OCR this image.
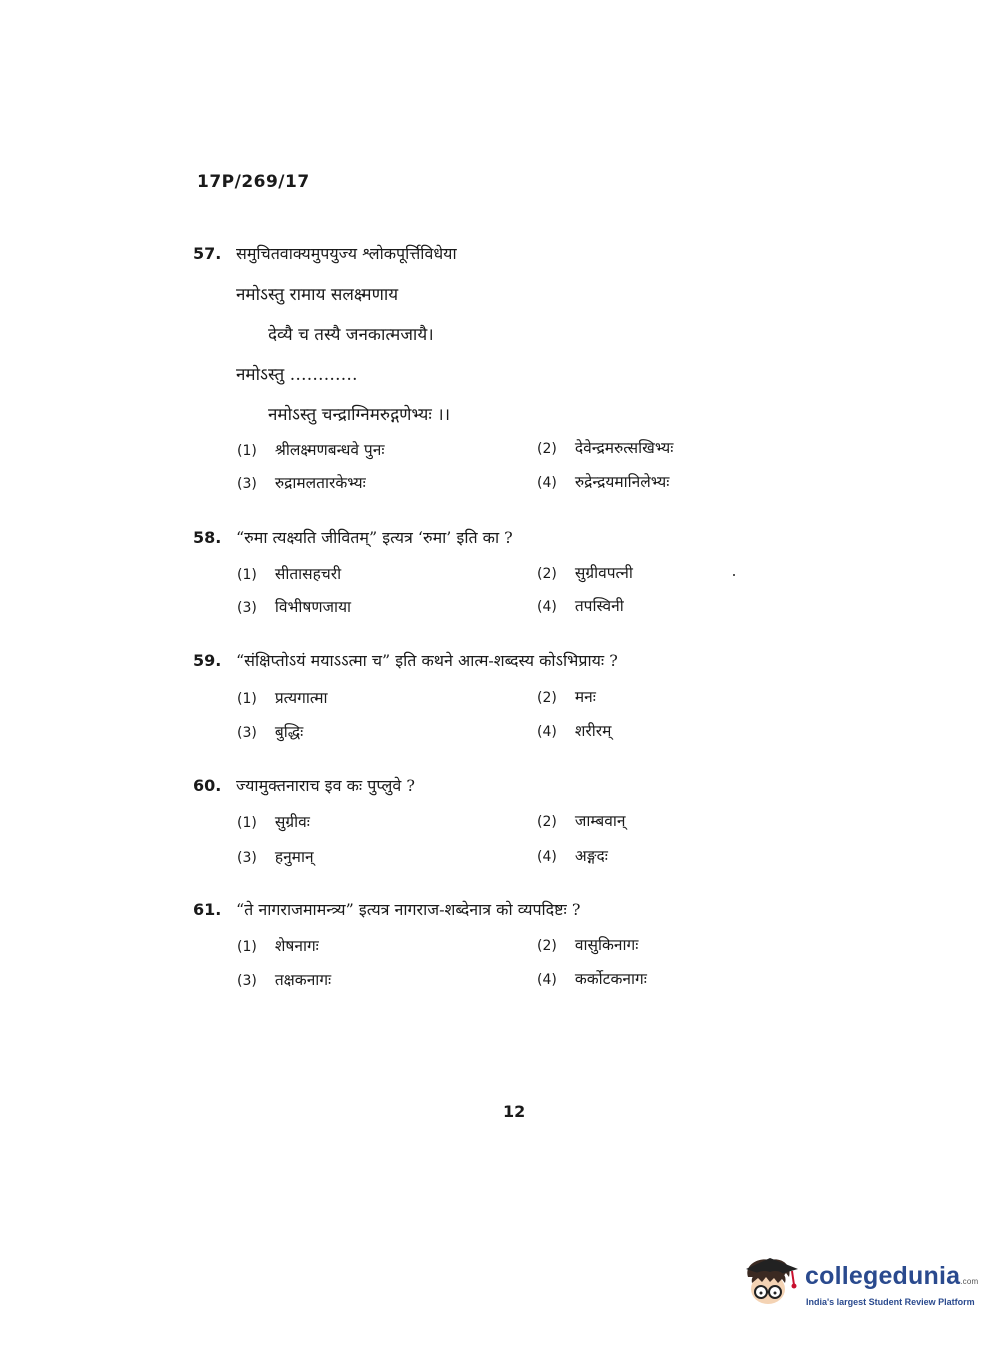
17P/269/17
57. समुचितवाक्यमुपयुज्य श्लोकपूर्त्तिविधेया
नमोऽस्तु रामाय सलक्ष्मणाय
देव्यै च तस्यै जनकात्मजायै।
नमोऽस्तु …………
नमोऽस्तु चन्द्राग्निमरुद्गणेभ्यः ।।
(1) श्रीलक्ष्मणबन्धवे पुनः	(2) देवेन्द्रमरुत्सखिभ्यः
(3) रुद्रामलतारकेभ्यः	(4) रुद्रेन्द्रयमानिलेभ्यः
58. “रुमा त्यक्ष्यति जीवितम्” इत्यत्र ‘रुमा’ इति का ?
(1) सीतासहचरी	(2) सुग्रीवपत्नी
(3) विभीषणजाया	(4) तपस्विनी
59. “संक्षिप्तोऽयं मयाऽऽत्मा च” इति कथने आत्म-शब्दस्य कोऽभिप्रायः ?
(1) प्रत्यगात्मा	(2) मनः
(3) बुद्धिः	(4) शरीरम्
60. ज्यामुक्तनाराच इव कः पुप्लुवे ?
(1) सुग्रीवः	(2) जाम्बवान्
(3) हनुमान्	(4) अङ्गदः
61. “ते नागराजमामन्त्र्य” इत्यत्र नागराज-शब्देनात्र को व्यपदिष्टः ?
(1) शेषनागः	(2) वासुकिनागः
(3) तक्षकनागः	(4) कर्कोटकनागः
12
collegedunia.com
India's largest Student Review Platform
